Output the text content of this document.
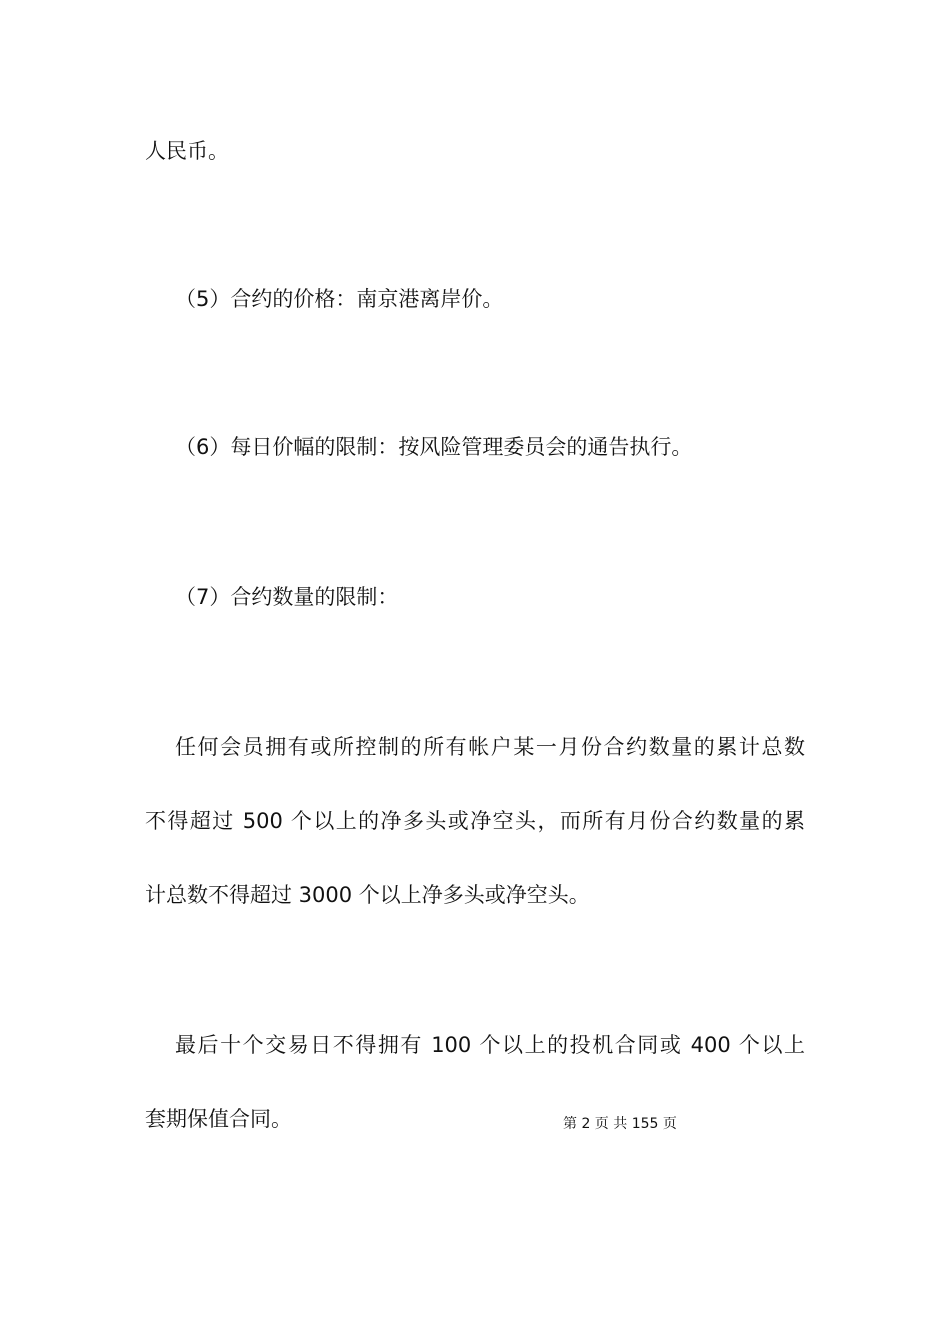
人民币。

（5）合约的价格：南京港离岸价。

（6）每日价幅的限制：按风险管理委员会的通告执行。

（7）合约数量的限制：

任何会员拥有或所控制的所有帐户某一月份合约数量的累计总数

不得超过 500 个以上的净多头或净空头，而所有月份合约数量的累

计总数不得超过 3000 个以上净多头或净空头。

最后十个交易日不得拥有 100 个以上的投机合同或 400 个以上

套期保值合同。	第 2 页 共 155 页
